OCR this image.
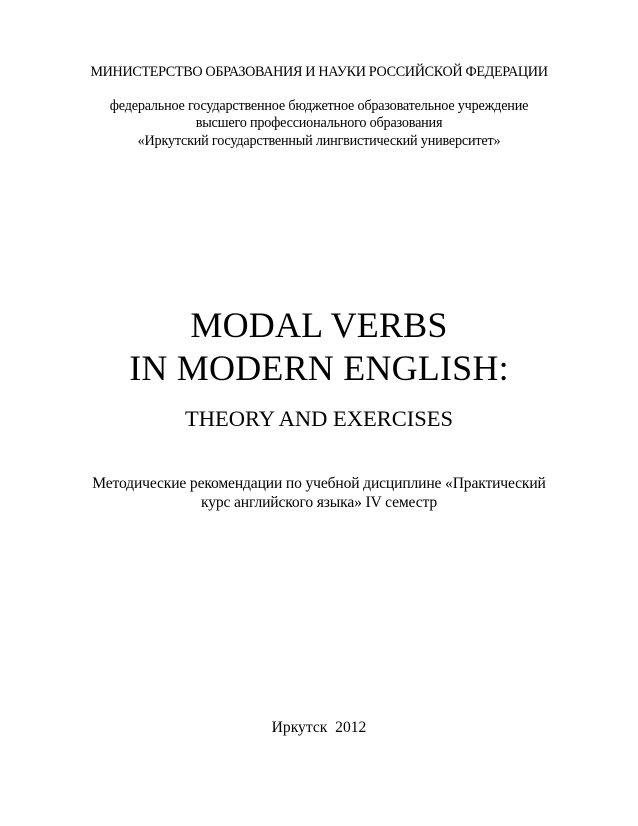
МИНИСТЕРСТВО ОБРАЗОВАНИЯ И НАУКИ РОССИЙСКОЙ ФЕДЕРАЦИИ
федеральное государственное бюджетное образовательное учреждение
высшего профессионального образования
«Иркутский государственный лингвистический университет»
MODAL VERBS
IN MODERN ENGLISH:
THEORY AND EXERCISES
Методические рекомендации по учебной дисциплине «Практический
курс английского языка» IV семестр
Иркутск  2012
